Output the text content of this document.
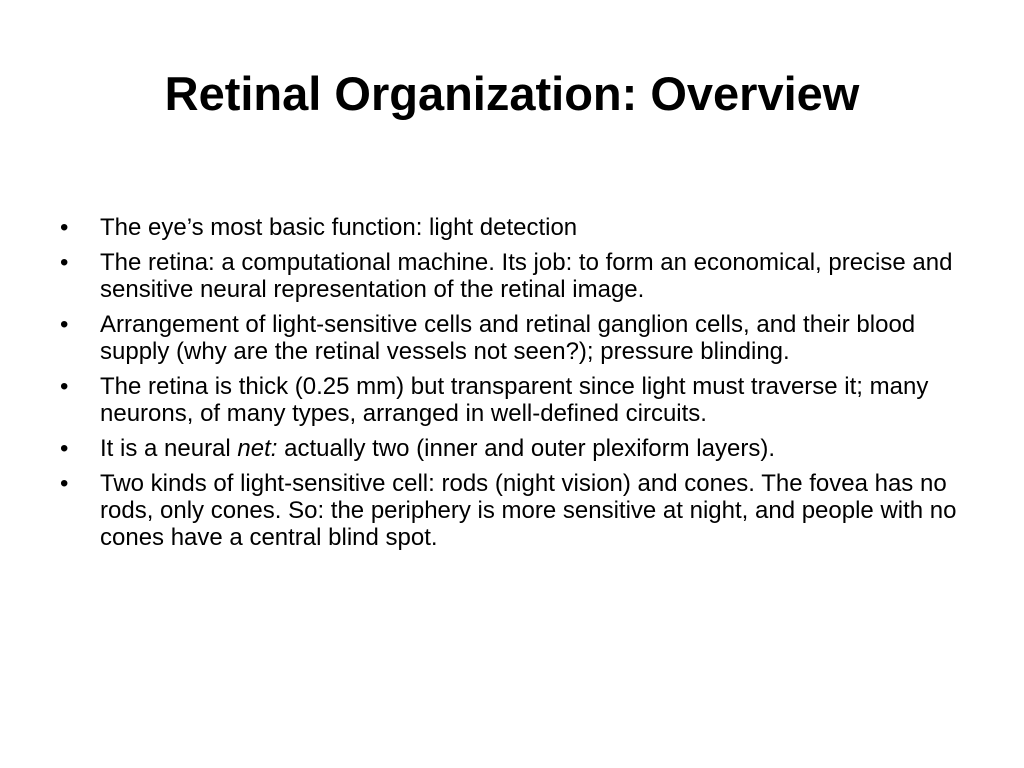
Retinal Organization: Overview
• The eye’s most basic function: light detection
• The retina: a computational machine. Its job: to form an economical, precise and sensitive neural representation of the retinal image.
• Arrangement of light-sensitive cells and retinal ganglion cells, and their blood supply (why are the retinal vessels not seen?); pressure blinding.
• The retina is thick (0.25 mm) but transparent since light must traverse it; many neurons, of many types, arranged in well-defined circuits.
• It is a neural net: actually two (inner and outer plexiform layers).
• Two kinds of light-sensitive cell: rods (night vision) and cones. The fovea has no rods, only cones. So: the periphery is more sensitive at night, and people with no cones have a central blind spot.
